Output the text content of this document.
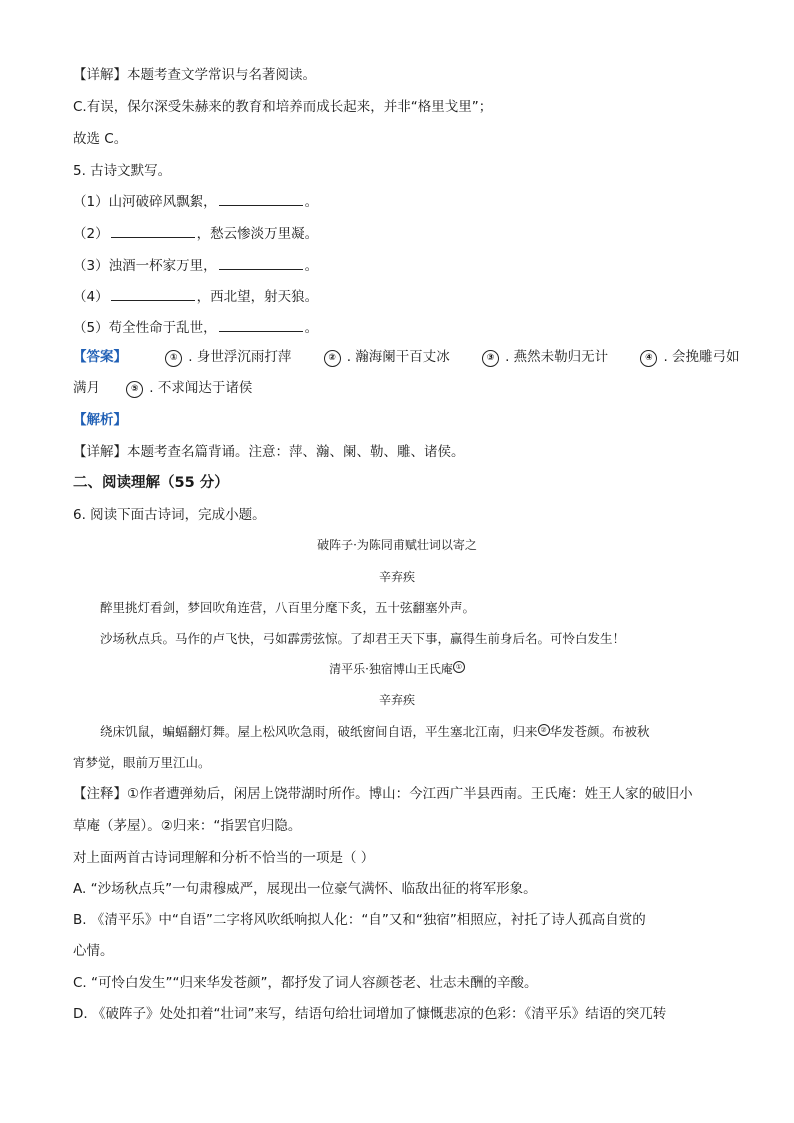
【详解】本题考查文学常识与名著阅读。
C.有误，保尔深受朱赫来的教育和培养而成长起来，并非“格里戈里”；
故选 C。
5. 古诗文默写。
（1）山河破碎风飘絮，	。
（2）	，愁云惨淡万里凝。
（3）浊酒一杯家万里，	。
（4）	，西北望，射天狼。
（5）苟全性命于乱世，	。
【答案】	① . 身世浮沉雨打萍	② . 瀚海阑干百丈冰	③ . 燕然未勒归无计	④ . 会挽雕弓如
满月	⑤ . 不求闻达于诸侯
【解析】
【详解】本题考查名篇背诵。注意：萍、瀚、阑、勒、雕、诸侯。
二、阅读理解（55 分）
6. 阅读下面古诗词，完成小题。
破阵子·为陈同甫赋壮词以寄之
辛弃疾
醉里挑灯看剑，梦回吹角连营，八百里分麾下炙，五十弦翻塞外声。
沙场秋点兵。马作的卢飞快，弓如霹雳弦惊。了却君王天下事，赢得生前身后名。可怜白发生！
清平乐·独宿博山王氏庵 ①
辛弃疾
绕床饥鼠，蝙蝠翻灯舞。屋上松风吹急雨，破纸窗间自语，平生塞北江南，归来 ② 华发苍颜。布被秋
宵梦觉，眼前万里江山。
【注释】①作者遭弹劾后，闲居上饶带湖时所作。博山：今江西广半县西南。王氏庵：姓王人家的破旧小
草庵（茅屋）。②归来：“指罢官归隐。
对上面两首古诗词理解和分析不恰当的一项是（ ）
A. “沙场秋点兵”一句肃穆威严，展现出一位豪气满怀、临敌出征的将军形象。
B. 《清平乐》中“自语”二字将风吹纸响拟人化：“自”又和“独宿”相照应，衬托了诗人孤高自赏的
心情。
C. “可怜白发生”“归来华发苍颜”，都抒发了词人容颜苍老、壮志未酬的辛酸。
D. 《破阵子》处处扣着“壮词”来写，结语句给壮词增加了慷慨悲凉的色彩：《清平乐》结语的突兀转
